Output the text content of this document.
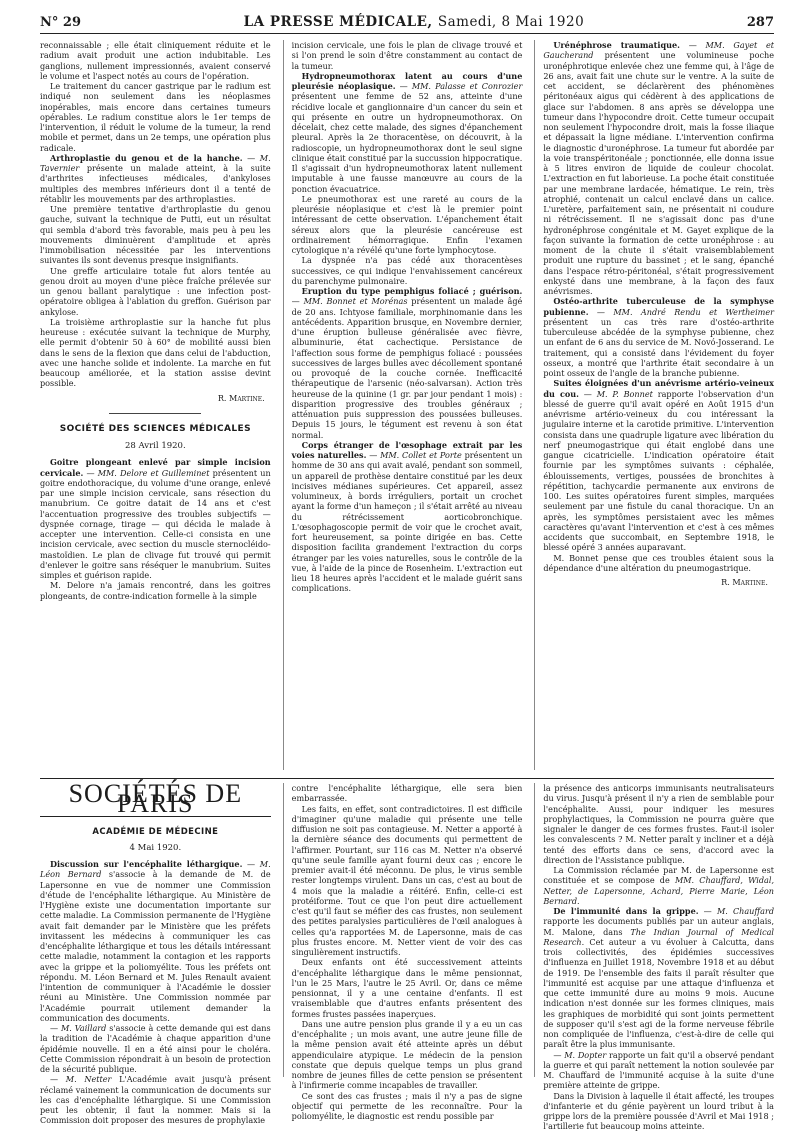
N° 29	LA PRESSE MÉDICALE, Samedi, 8 Mai 1920	287

reconnaissable ; elle était cliniquement réduite et le radium avait produit une action indubitable. Les ganglions, nullement impressionnés, avaient conservé le volume et l'aspect notés au cours de l'opération.

Le traitement du cancer gastrique par le radium est indiqué non seulement dans les néoplasmes inopérables, mais encore dans certaines tumeurs opérables. Le radium constitue alors le 1er temps de l'intervention, il réduit le volume de la tumeur, la rend mobile et permet, dans un 2e temps, une opération plus radicale.

Arthroplastie du genou et de la hanche. — M. Tavernier présente un malade atteint, à la suite d'arthrites infectieuses médicales, d'ankyloses multiples des membres inférieurs dont il a tenté de rétablir les mouvements par des arthroplasties.

Une première tentative d'arthroplastie du genou gauche, suivant la technique de Putti, eut un résultat qui sembla d'abord très favorable, mais peu à peu les mouvements diminuèrent d'amplitude et après l'immobilisation nécessitée par les interventions suivantes ils sont devenus presque insignifiants.

Une greffe articulaire totale fut alors tentée au genou droit au moyen d'une pièce fraîche prélevée sur un genou ballant paralytique : une infection post-opératoire obligea à l'ablation du greffon. Guérison par ankylose.

La troisième arthroplastie sur la hanche fut plus heureuse : exécutée suivant la technique de Murphy, elle permit d'obtenir 50 à 60° de mobilité aussi bien dans le sens de la flexion que dans celui de l'abduction, avec une hanche solide et indolente. La marche en fut beaucoup améliorée, et la station assise devint possible.

R. Martine.
SOCIÉTÉ DES SCIENCES MÉDICALES
28 Avril 1920.

Goitre plongeant enlevé par simple incision cervicale. — MM. Delore et Guilleminet présentent un goitre endothoracique, du volume d'une orange, enlevé par une simple incision cervicale, sans résection du manubrium. Ce goitre datait de 14 ans et c'est l'accentuation progressive des troubles subjectifs — dyspnée cornage, tirage — qui décida le malade à accepter une intervention. Celle-ci consista en une incision cervicale, avec section du muscle sternocléido-mastoïdien. Le plan de clivage fut trouvé qui permit d'enlever le goitre sans réséquer le manubrium. Suites simples et guérison rapide.

M. Delore n'a jamais rencontré, dans les goitres plongeants, de contre-indication formelle à la simple

incision cervicale, une fois le plan de clivage trouvé et si l'on prend le soin d'être constamment au contact de la tumeur.

Hydropneumothorax latent au cours d'une pleurésie néoplasique. — MM. Palasse et Conrozier présentent une femme de 52 ans, atteinte d'une récidive locale et ganglionnaire d'un cancer du sein et qui présente en outre un hydropneumothorax. On décelait, chez cette malade, des signes d'épanchement pleural. Après la 2e thoracentèse, on découvrit, à la radioscopie, un hydropneumothorax dont le seul signe clinique était constitué par la succussion hippocratique. Il s'agissait d'un hydropneumothorax latent nullement imputable à une fausse manœuvre au cours de la ponction évacuatrice.

Le pneumothorax est une rareté au cours de la pleurésie néoplasique et c'est là le premier point intéressant de cette observation. L'épanchement était séreux alors que la pleurésie cancéreuse est ordinairement hémorragique. Enfin l'examen cytologique n'a révélé qu'une forte lymphocytose.

La dyspnée n'a pas cédé aux thoracentèses successives, ce qui indique l'envahissement cancéreux du parenchyme pulmonaire.

Eruption du type pemphigus foliacé ; guérison. — MM. Bonnet et Morénas présentent un malade âgé de 20 ans. Ichtyose familiale, morphinomanie dans les antécédents. Apparition brusque, en Novembre dernier, d'une éruption bulleuse généralisée avec fièvre, albuminurie, état cachectique. Persistance de l'affection sous forme de pemphigus foliacé : poussées successives de larges bulles avec décollement spontané ou provoqué de la couche cornée. Inefficacité thérapeutique de l'arsenic (néo-salvarsan). Action très heureuse de la quinine (1 gr. par jour pendant 1 mois) : disparition progressive des troubles généraux ; atténuation puis suppression des poussées bulleuses. Depuis 15 jours, le tégument est revenu à son état normal.

Corps étranger de l'œsophage extrait par les voies naturelles. — MM. Collet et Porte présentent un homme de 30 ans qui avait avalé, pendant son sommeil, un appareil de prothèse dentaire constitué par les deux incisives médianes supérieures. Cet appareil, assez volumineux, à bords irréguliers, portait un crochet ayant la forme d'un hameçon ; il s'était arrêté au niveau du rétrécissement aorticobronchique. L'œsophagoscopie permit de voir que le crochet avait, fort heureusement, sa pointe dirigée en bas. Cette disposition facilita grandement l'extraction du corps étranger par les voies naturelles, sous le contrôle de la vue, à l'aide de la pince de Rosenheim. L'extraction eut lieu 18 heures après l'accident et le malade guérit sans complications.

Urénéphrose traumatique. — MM. Gayet et Gaucherand présentent une volumineuse poche uronéphrotique enlevée chez une femme qui, à l'âge de 26 ans, avait fait une chute sur le ventre. A la suite de cet accident, se déclarèrent des phénomènes péritonéaux aigus qui cédèrent à des applications de glace sur l'abdomen. 8 ans après se développa une tumeur dans l'hypocondre droit. Cette tumeur occupait non seulement l'hypocondre droit, mais la fosse iliaque et dépassait la ligne médiane. L'intervention confirma le diagnostic d'uronéphrose. La tumeur fut abordée par la voie transpéritonéale ; ponctionnée, elle donna issue à 5 litres environ de liquide de couleur chocolat. L'extraction en fut laborieuse. La poche était constituée par une membrane lardacée, hématique. Le rein, très atrophié, contenait un calcul enclavé dans un calice. L'uretère, parfaitement sain, ne présentait ni coudure ni rétrécissement. Il ne s'agissait donc pas d'une hydronéphrose congénitale et M. Gayet explique de la façon suivante la formation de cette uronéphrose : au moment de la chute il s'était vraisemblablement produit une rupture du bassinet ; et le sang, épanché dans l'espace rétro-péritonéal, s'était progressivement enkysté dans une membrane, à la façon des faux anévrismes.

Ostéo-arthrite tuberculeuse de la symphyse pubienne. — MM. André Rendu et Wertheimer présentent un cas très rare d'ostéo-arthrite tuberculeuse abcédée de la symphyse pubienne, chez un enfant de 6 ans du service de M. Novó-Josserand. Le traitement, qui a consisté dans l'évidement du foyer osseux, a montré que l'arthrite était secondaire à un point osseux de l'angle de la branche pubienne.

Suites éloignées d'un anévrisme artério-veineux du cou. — M. P. Bonnet rapporte l'observation d'un blessé de guerre qu'il avait opéré en Août 1915 d'un anévrisme artério-veineux du cou intéressant la jugulaire interne et la carotide primitive. L'intervention consista dans une quadruple ligature avec libération du nerf pneumogastrique qui était englobé dans une gangue cicatricielle. L'indication opératoire était fournie par les symptômes suivants : céphalée, éblouissements, vertiges, poussées de bronchites à répétition, tachycardie permanente aux environs de 100. Les suites opératoires furent simples, marquées seulement par une fistule du canal thoracique. Un an après, les symptômes persistaient avec les mêmes caractères qu'avant l'intervention et c'est à ces mêmes accidents que succombait, en Septembre 1918, le blessé opéré 3 années auparavant.

M. Bonnet pense que ces troubles étaient sous la dépendance d'une altération du pneumogastrique.

R. Martine.
SOCIÉTÉS DE PARIS
ACADÉMIE DE MÉDECINE
4 Mai 1920.

Discussion sur l'encéphalite léthargique. — M. Léon Bernard s'associe à la demande de M. de Lapersonne en vue de nommer une Commission d'étude de l'encéphalite léthargique. Au Ministère de l'Hygiène existe une documentation importante sur cette maladie. La Commission permanente de l'Hygiène avait fait demander par le Ministère que les préfets invitassent les médecins à communiquer les cas d'encéphalite léthargique et tous les détails intéressant cette maladie, notamment la contagion et les rapports avec la grippe et la poliomyélite. Tous les préfets ont répondu. M. Léon Bernard et M. Jules Renault avaient l'intention de communiquer à l'Académie le dossier réuni au Ministère. Une Commission nommée par l'Académie pourrait utilement demander la communication des documents.

— M. Vaillard s'associe à cette demande qui est dans la tradition de l'Académie à chaque apparition d'une épidémie nouvelle. Il en a été ainsi pour le choléra. Cette Commission répondrait à un besoin de protection de la sécurité publique.

— M. Netter L'Académie avait jusqu'à présent réclamé vainement la communication de documents sur les cas d'encéphalite léthargique. Si une Commission peut les obtenir, il faut la nommer. Mais si la Commission doit proposer des mesures de prophylaxie

contre l'encéphalite léthargique, elle sera bien embarrassée.

Les faits, en effet, sont contradictoires. Il est difficile d'imaginer qu'une maladie qui présente une telle diffusion ne soit pas contagieuse. M. Netter a apporté à la dernière séance des documents qui permettent de l'affirmer. Pourtant, sur 116 cas M. Netter n'a observé qu'une seule famille ayant fourni deux cas ; encore le premier avait-il été méconnu. De plus, le virus semble rester longtemps virulent. Dans un cas, c'est au bout de 4 mois que la maladie a réitéré. Enfin, celle-ci est protéiforme. Tout ce que l'on peut dire actuellement c'est qu'il faut se méfier des cas frustes, non seulement des petites paralysies particulières de l'œil analogues à celles qu'a rapportées M. de Lapersonne, mais de cas plus frustes encore. M. Netter vient de voir des cas singulièrement instructifs.

Deux enfants ont été successivement atteints d'encéphalite léthargique dans le même pensionnat, l'un le 25 Mars, l'autre le 25 Avril. Or, dans ce même pensionnat, il y a une centaine d'enfants. Il est vraisemblable que d'autres enfants présentent des formes frustes passées inaperçues.

Dans une autre pension plus grande il y a eu un cas d'encéphalite ; un mois avant, une autre jeune fille de la même pension avait été atteinte après un début appendiculaire atypique. Le médecin de la pension constate que depuis quelque temps un plus grand nombre de jeunes filles de cette pension se présentent à l'infirmerie comme incapables de travailler.

Ce sont des cas frustes ; mais il n'y a pas de signe objectif qui permette de les reconnaître. Pour la poliomyélite, le diagnostic est rendu possible par

la présence des anticorps immunisants neutralisateurs du virus. Jusqu'à présent il n'y a rien de semblable pour l'encéphalite. Aussi, pour indiquer les mesures prophylactiques, la Commission ne pourra guère que signaler le danger de ces formes frustes. Faut-il isoler les convalescents ? M. Netter paraît y incliner et a déjà tenté des efforts dans ce sens, d'accord avec la direction de l'Assistance publique.

La Commission réclamée par M. de Lapersonne est constituée et se compose de MM. Chauffard, Widal, Netter, de Lapersonne, Achard, Pierre Marie, Léon Bernard.

De l'immunité dans la grippe. — M. Chauffard rapporte les documents publiés par un auteur anglais, M. Malone, dans The Indian Journal of Medical Research. Cet auteur a vu évoluer à Calcutta, dans trois collectivités, des épidémies successives d'influenza en Juillet 1918, Novembre 1918 et au début de 1919. De l'ensemble des faits il paraît résulter que l'immunité est acquise par une attaque d'influenza et que cette immunité dure au moins 9 mois. Aucune indication n'est donnée sur les formes cliniques, mais les graphiques de morbidité qui sont joints permettent de supposer qu'il s'est agi de la forme nerveuse fébrile non compliquée de l'influenza, c'est-à-dire de celle qui paraît être la plus immunisante.

— M. Dopter rapporte un fait qu'il a observé pendant la guerre et qui paraît nettement la notion soulevée par M. Chauffard de l'immunité acquise à la suite d'une première atteinte de grippe.

Dans la Division à laquelle il était affecté, les troupes d'infanterie et du génie payèrent un lourd tribut à la grippe lors de la première poussée d'Avril et Mai 1918 ; l'artillerie fut beaucoup moins atteinte.
